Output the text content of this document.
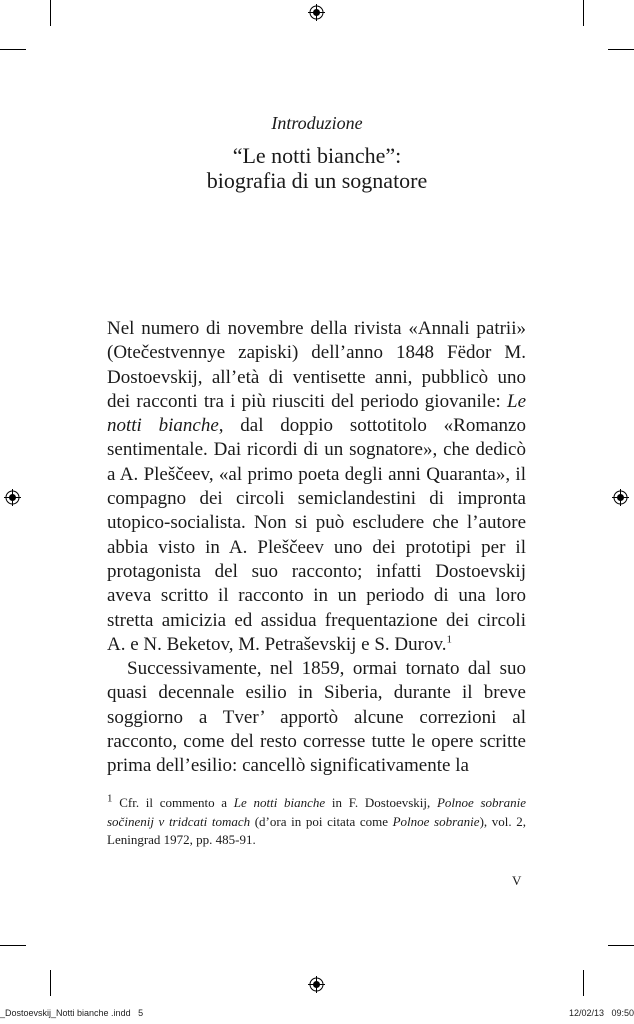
Introduzione
“Le notti bianche”:
biografia di un sognatore

Nel numero di novembre della rivista «Annali patrii» (Otečestvennye zapiski) dell’anno 1848 Fëdor M. Dostoevskij, all’età di ventisette anni, pubblicò uno dei racconti tra i più riusciti del periodo giovanile: Le notti bianche, dal doppio sottotitolo «Romanzo sentimentale. Dai ricordi di un sognatore», che dedicò a A. Pleščeev, «al primo poeta degli anni Quaranta», il compagno dei circoli semiclandestini di impronta utopico-socialista. Non si può escludere che l’autore abbia visto in A. Pleščeev uno dei prototipi per il protagonista del suo racconto; infatti Dostoevskij aveva scritto il racconto in un periodo di una loro stretta amicizia ed assidua frequentazione dei circoli A. e N. Beketov, M. Petraševskij e S. Durov.$^1$

Successivamente, nel 1859, ormai tornato dal suo quasi decennale esilio in Siberia, durante il breve soggiorno a Tver’ apportò alcune correzioni al racconto, come del resto corresse tutte le opere scritte prima dell’esilio: cancellò significativamente la

$^1$ Cfr. il commento a Le notti bianche in F. Dostoevskij, Polnoe sobranie sočinenij v tridcati tomach (d’ora in poi citata come Polnoe sobranie), vol. 2, Leningrad 1972, pp. 485-91.
V
_Dostoevskij_Notti bianche .indd   5	12/02/13   09:50
